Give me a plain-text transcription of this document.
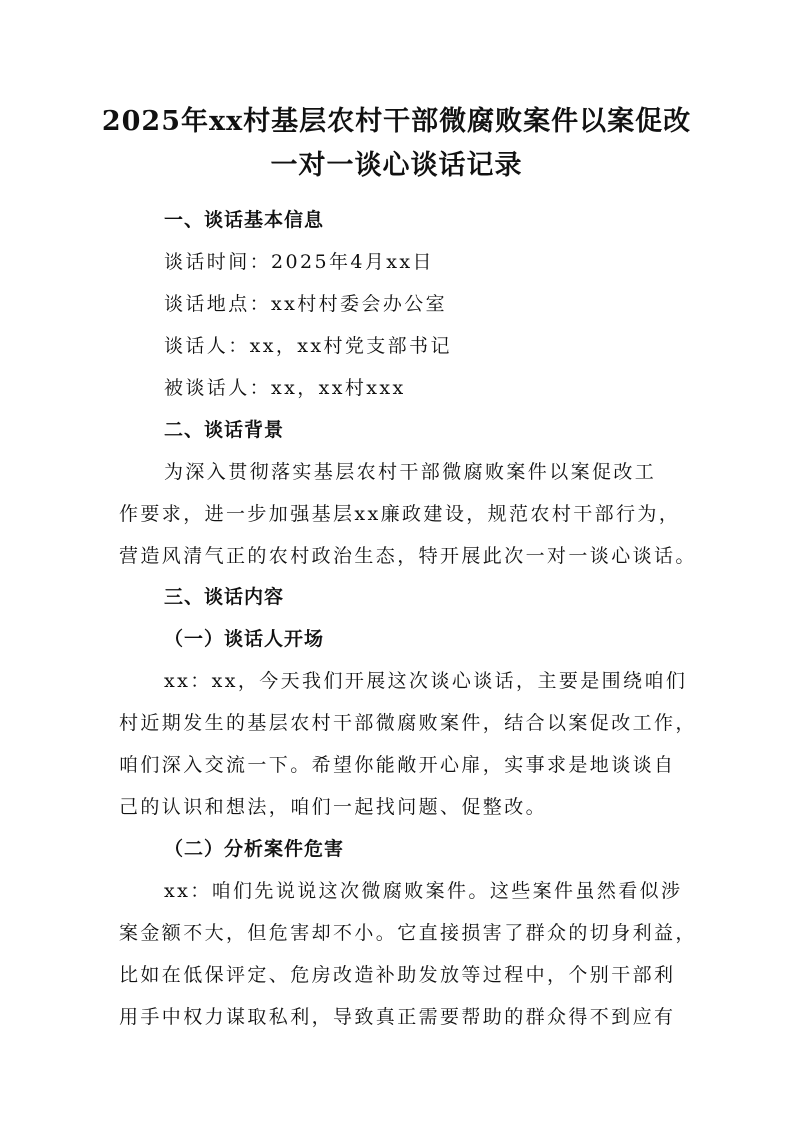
2025年xx村基层农村干部微腐败案件以案促改
一对一谈心谈话记录
一、谈话基本信息
谈话时间：2025年4月xx日
谈话地点：xx村村委会办公室
谈话人：xx，xx村党支部书记
被谈话人：xx，xx村xxx
二、谈话背景
为深入贯彻落实基层农村干部微腐败案件以案促改工
作要求，进一步加强基层xx廉政建设，规范农村干部行为，
营造风清气正的农村政治生态，特开展此次一对一谈心谈话。
三、谈话内容
（一）谈话人开场
xx：xx，今天我们开展这次谈心谈话，主要是围绕咱们
村近期发生的基层农村干部微腐败案件，结合以案促改工作，
咱们深入交流一下。希望你能敞开心扉，实事求是地谈谈自
己的认识和想法，咱们一起找问题、促整改。
（二）分析案件危害
xx：咱们先说说这次微腐败案件。这些案件虽然看似涉
案金额不大，但危害却不小。它直接损害了群众的切身利益，
比如在低保评定、危房改造补助发放等过程中，个别干部利
用手中权力谋取私利，导致真正需要帮助的群众得不到应有
